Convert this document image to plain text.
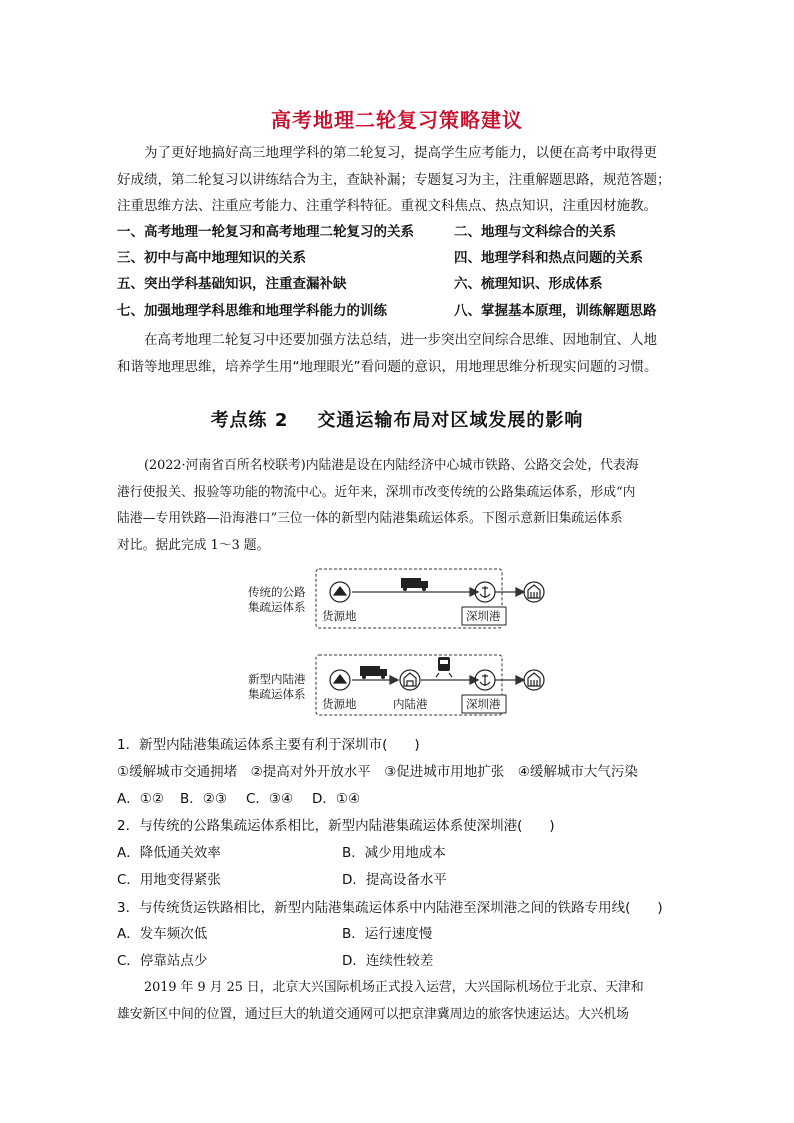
高考地理二轮复习策略建议
为了更好地搞好高三地理学科的第二轮复习，提高学生应考能力，以便在高考中取得更
好成绩，第二轮复习以讲练结合为主，查缺补漏；专题复习为主，注重解题思路，规范答题；
注重思维方法、注重应考能力、注重学科特征。重视文科焦点、热点知识，注重因材施教。
一、高考地理一轮复习和高考地理二轮复习的关系	二、地理与文科综合的关系
三、初中与高中地理知识的关系	四、地理学科和热点问题的关系
五、突出学科基础知识，注重查漏补缺	六、梳理知识、形成体系
七、加强地理学科思维和地理学科能力的训练	八、掌握基本原理，训练解题思路
在高考地理二轮复习中还要加强方法总结，进一步突出空间综合思维、因地制宜、人地
和谐等地理思维，培养学生用“地理眼光”看问题的意识，用地理思维分析现实问题的习惯。
考点练 2    交通运输布局对区域发展的影响
(2022·河南省百所名校联考)内陆港是设在内陆经济中心城市铁路、公路交会处，代表海
港行使报关、报验等功能的物流中心。近年来，深圳市改变传统的公路集疏运体系，形成“内
陆港—专用铁路—沿海港口”三位一体的新型内陆港集疏运体系。下图示意新旧集疏运体系
对比。据此完成 1～3 题。
传统的公路
集疏运体系
新型内陆港
集疏运体系
货源地	深圳港
货源地	内陆港	深圳港
1．新型内陆港集疏运体系主要有利于深圳市(　　)
①缓解城市交通拥堵　②提高对外开放水平　③促进城市用地扩张　④缓解城市大气污染
A．①② B．②③ C．③④ D．①④
2．与传统的公路集疏运体系相比，新型内陆港集疏运体系使深圳港(　　)
A．降低通关效率	B．减少用地成本
C．用地变得紧张	D．提高设备水平
3．与传统货运铁路相比，新型内陆港集疏运体系中内陆港至深圳港之间的铁路专用线(　　)
A．发车频次低	B．运行速度慢
C．停靠站点少	D．连续性较差
2019 年 9 月 25 日，北京大兴国际机场正式投入运营，大兴国际机场位于北京、天津和
雄安新区中间的位置，通过巨大的轨道交通网可以把京津冀周边的旅客快速运达。大兴机场
